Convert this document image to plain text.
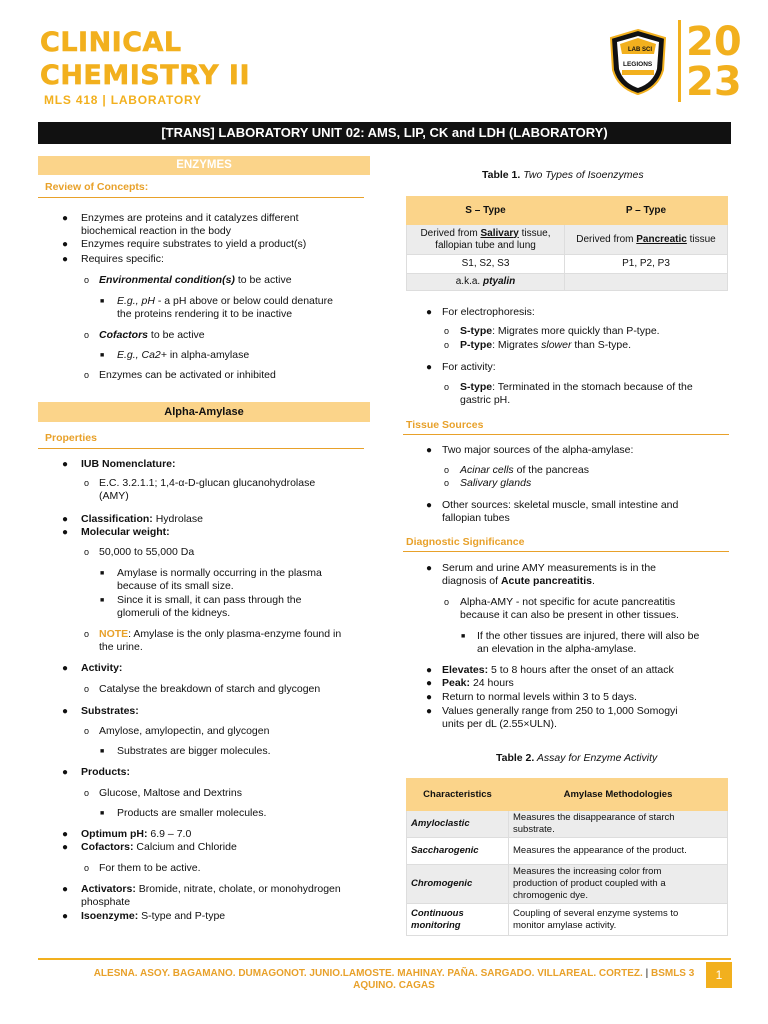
CLINICAL
CHEMISTRY II
MLS 418 | LABORATORY
LAB SCI
LEGIONS 20
23
[TRANS] LABORATORY UNIT 02: AMS, LIP, CK and LDH (LABORATORY)
ENZYMES
Review of Concepts:
● Enzymes are proteins and it catalyzes different
biochemical reaction in the body
● Enzymes require substrates to yield a product(s)
● Requires specific:
o Environmental condition(s) to be active
■ E.g., pH - a pH above or below could denature
the proteins rendering it to be inactive
o Cofactors to be active
■ E.g., Ca2+ in alpha-amylase
o Enzymes can be activated or inhibited
Alpha-Amylase
Properties
● IUB Nomenclature:
o E.C. 3.2.1.1; 1,4-α-D-glucan glucanohydrolase
(AMY)
● Classification: Hydrolase
● Molecular weight:
o 50,000 to 55,000 Da
■ Amylase is normally occurring in the plasma
because of its small size.
■ Since it is small, it can pass through the
glomeruli of the kidneys.
o NOTE: Amylase is the only plasma-enzyme found in
the urine.
● Activity:
o Catalyse the breakdown of starch and glycogen
● Substrates:
o Amylose, amylopectin, and glycogen
■ Substrates are bigger molecules.
● Products:
o Glucose, Maltose and Dextrins
■ Products are smaller molecules.
● Optimum pH: 6.9 – 7.0
● Cofactors: Calcium and Chloride
o For them to be active.
● Activators: Bromide, nitrate, cholate, or monohydrogen
phosphate
● Isoenzyme: S-type and P-type
Table 1. Two Types of Isoenzymes
S – Type	P – Type
Derived from Salivary tissue,
fallopian tube and lung	Derived from Pancreatic tissue
S1, S2, S3	P1, P2, P3
a.k.a. ptyalin	
● For electrophoresis:
o S-type: Migrates more quickly than P-type.
o P-type: Migrates slower than S-type.
● For activity:
o S-type: Terminated in the stomach because of the
gastric pH.
Tissue Sources
● Two major sources of the alpha-amylase:
o Acinar cells of the pancreas
o Salivary glands
● Other sources: skeletal muscle, small intestine and
fallopian tubes
Diagnostic Significance
● Serum and urine AMY measurements is in the
diagnosis of Acute pancreatitis.
o Alpha-AMY - not specific for acute pancreatitis
because it can also be present in other tissues.
■ If the other tissues are injured, there will also be
an elevation in the alpha-amylase.
● Elevates: 5 to 8 hours after the onset of an attack
● Peak: 24 hours
● Return to normal levels within 3 to 5 days.
● Values generally range from 250 to 1,000 Somogyi
units per dL (2.55×ULN).
Table 2. Assay for Enzyme Activity
Characteristics	Amylase Methodologies
Amyloclastic	Measures the disappearance of starch
substrate.
Saccharogenic	Measures the appearance of the product.
Chromogenic	Measures the increasing color from
production of product coupled with a
chromogenic dye.
Continuous
monitoring	Coupling of several enzyme systems to
monitor amylase activity.
ALESNA. ASOY. BAGAMANO. DUMAGONOT. JUNIO.LAMOSTE. MAHINAY. PAÑA. SARGADO. VILLAREAL. CORTEZ. | BSMLS 3
AQUINO. CAGAS
1
